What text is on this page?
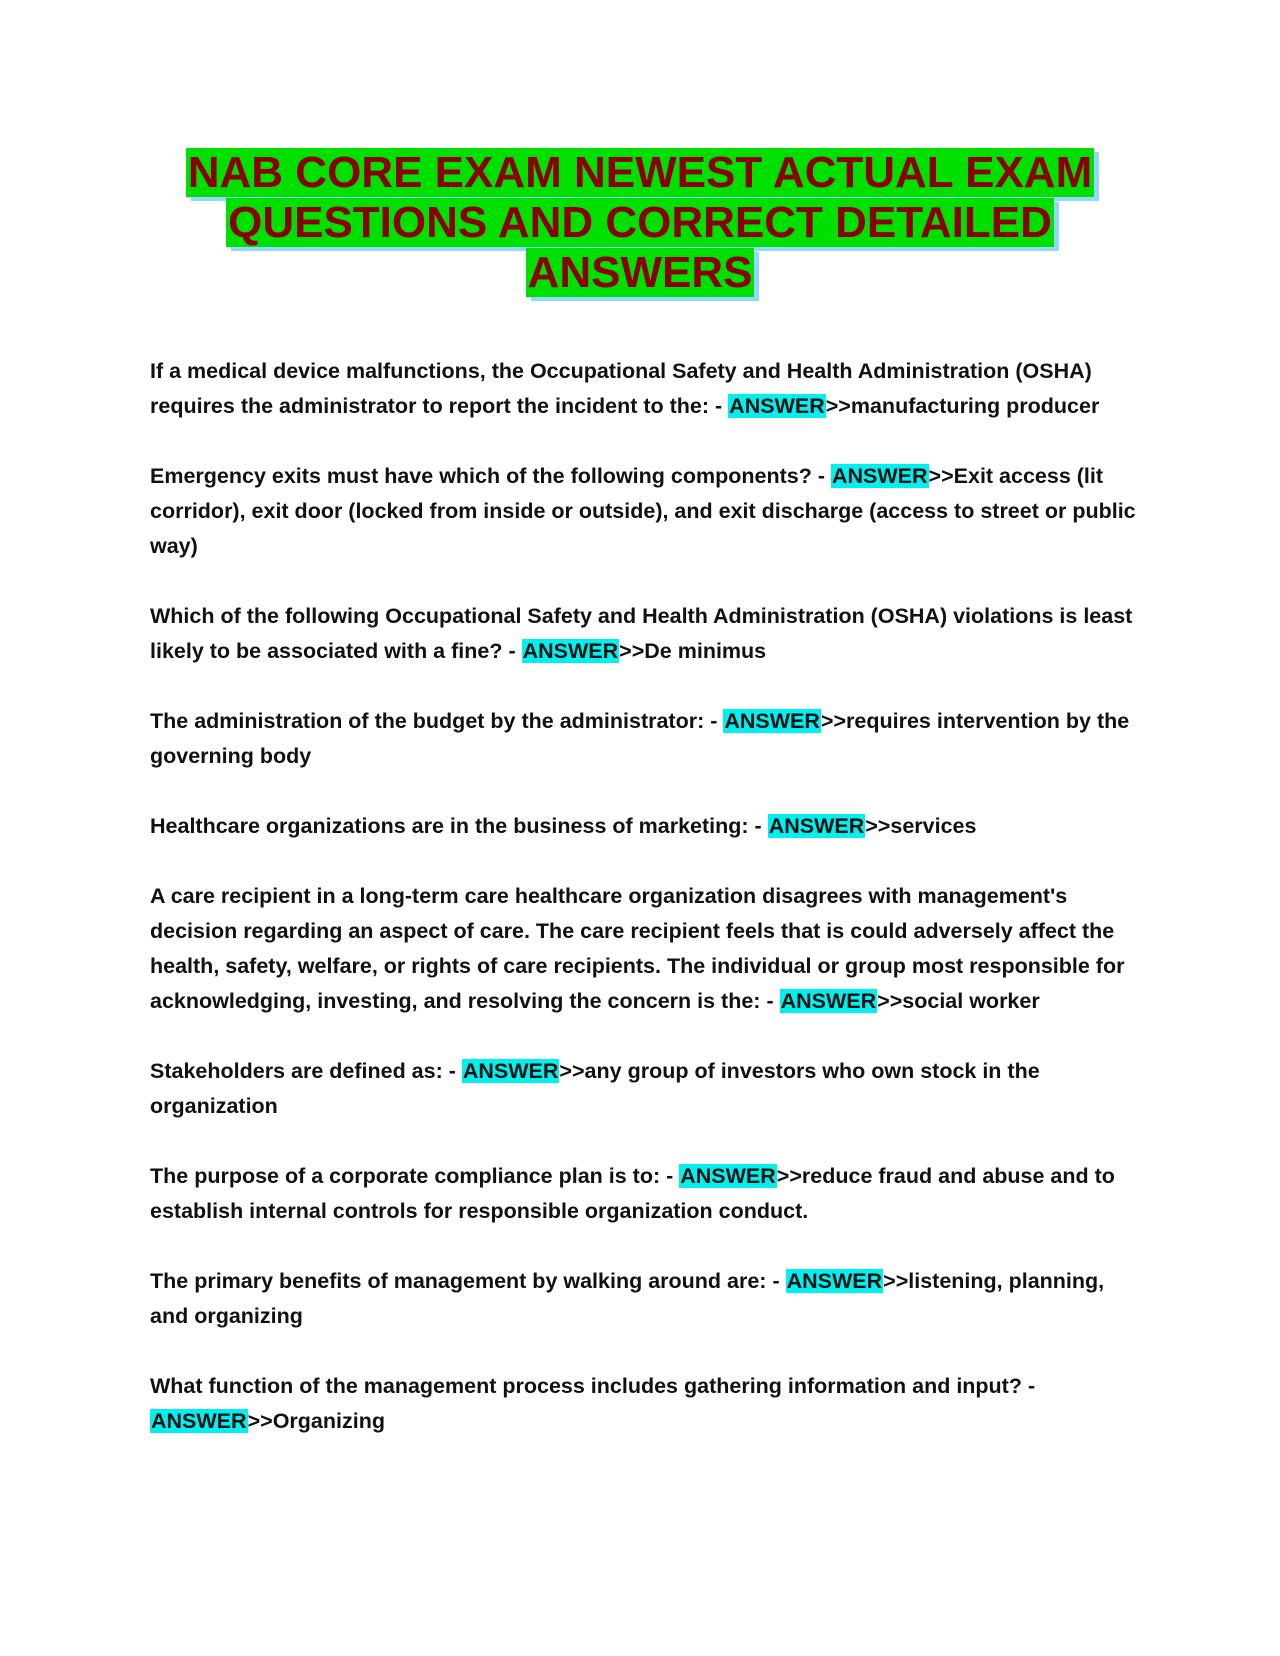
NAB CORE EXAM NEWEST ACTUAL EXAM
QUESTIONS AND CORRECT DETAILED
ANSWERS

If a medical device malfunctions, the Occupational Safety and Health Administration (OSHA) requires the administrator to report the incident to the: - ANSWER>>manufacturing producer

Emergency exits must have which of the following components? - ANSWER>>Exit access (lit corridor), exit door (locked from inside or outside), and exit discharge (access to street or public way)

Which of the following Occupational Safety and Health Administration (OSHA) violations is least likely to be associated with a fine? - ANSWER>>De minimus

The administration of the budget by the administrator: - ANSWER>>requires intervention by the governing body

Healthcare organizations are in the business of marketing: - ANSWER>>services

A care recipient in a long-term care healthcare organization disagrees with management's decision regarding an aspect of care. The care recipient feels that is could adversely affect the health, safety, welfare, or rights of care recipients. The individual or group most responsible for acknowledging, investing, and resolving the concern is the: - ANSWER>>social worker

Stakeholders are defined as: - ANSWER>>any group of investors who own stock in the organization

The purpose of a corporate compliance plan is to: - ANSWER>>reduce fraud and abuse and to establish internal controls for responsible organization conduct.

The primary benefits of management by walking around are: - ANSWER>>listening, planning, and organizing

What function of the management process includes gathering information and input? - ANSWER>>Organizing
